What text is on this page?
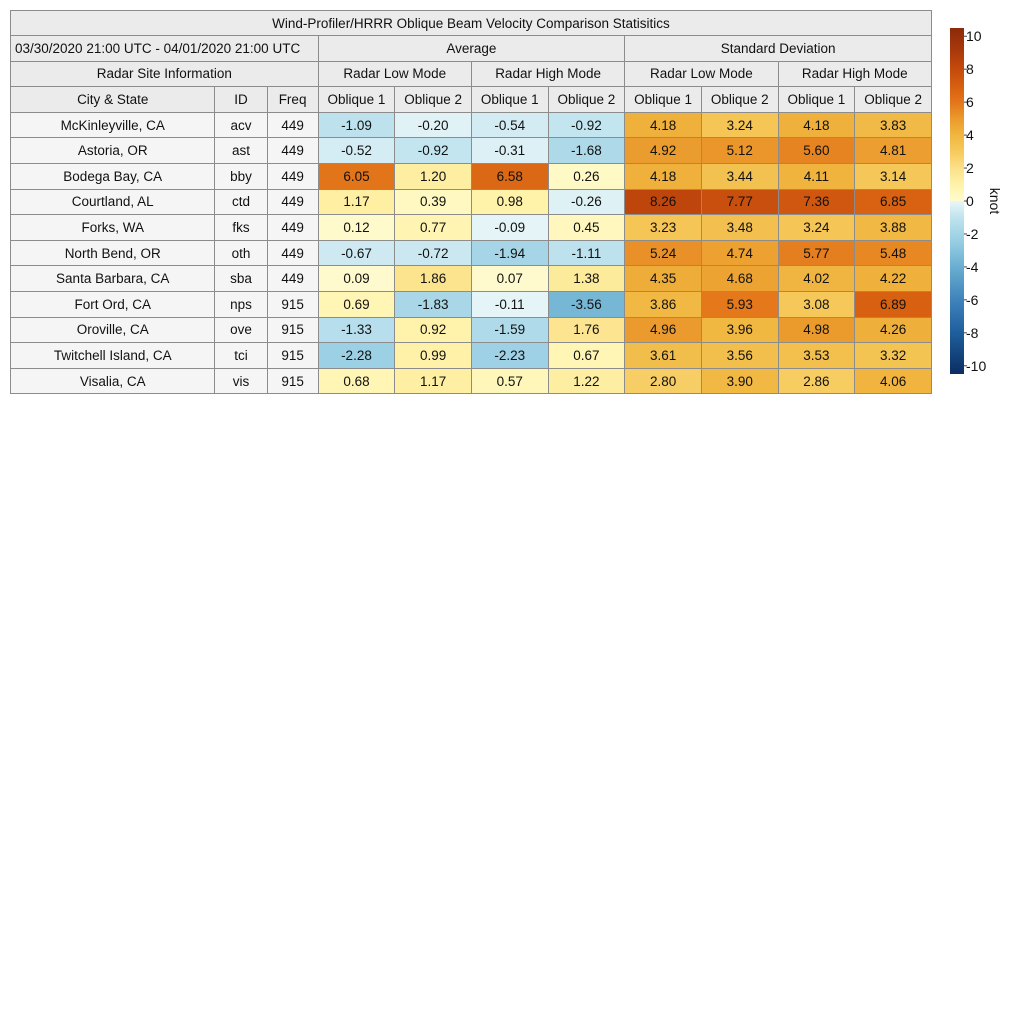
Wind-Profiler/HRRR Oblique Beam Velocity Comparison Statisitics										
03/30/2020 21:00 UTC - 04/01/2020 21:00 UTC			Average				Standard Deviation			
Radar Site Information			Radar Low Mode		Radar High Mode		Radar Low Mode		Radar High Mode	
City & State	ID	Freq	Oblique 1	Oblique 2	Oblique 1	Oblique 2	Oblique 1	Oblique 2	Oblique 1	Oblique 2
McKinleyville, CA	acv	449	-1.09	-0.20	-0.54	-0.92	4.18	3.24	4.18	3.83
Astoria, OR	ast	449	-0.52	-0.92	-0.31	-1.68	4.92	5.12	5.60	4.81
Bodega Bay, CA	bby	449	6.05	1.20	6.58	0.26	4.18	3.44	4.11	3.14
Courtland, AL	ctd	449	1.17	0.39	0.98	-0.26	8.26	7.77	7.36	6.85
Forks, WA	fks	449	0.12	0.77	-0.09	0.45	3.23	3.48	3.24	3.88
North Bend, OR	oth	449	-0.67	-0.72	-1.94	-1.11	5.24	4.74	5.77	5.48
Santa Barbara, CA	sba	449	0.09	1.86	0.07	1.38	4.35	4.68	4.02	4.22
Fort Ord, CA	nps	915	0.69	-1.83	-0.11	-3.56	3.86	5.93	3.08	6.89
Oroville, CA	ove	915	-1.33	0.92	-1.59	1.76	4.96	3.96	4.98	4.26
Twitchell Island, CA	tci	915	-2.28	0.99	-2.23	0.67	3.61	3.56	3.53	3.32
Visalia, CA	vis	915	0.68	1.17	0.57	1.22	2.80	3.90	2.86	4.06
10
8
6
4
2
0
-2
-4
-6
-8
-10
knot
